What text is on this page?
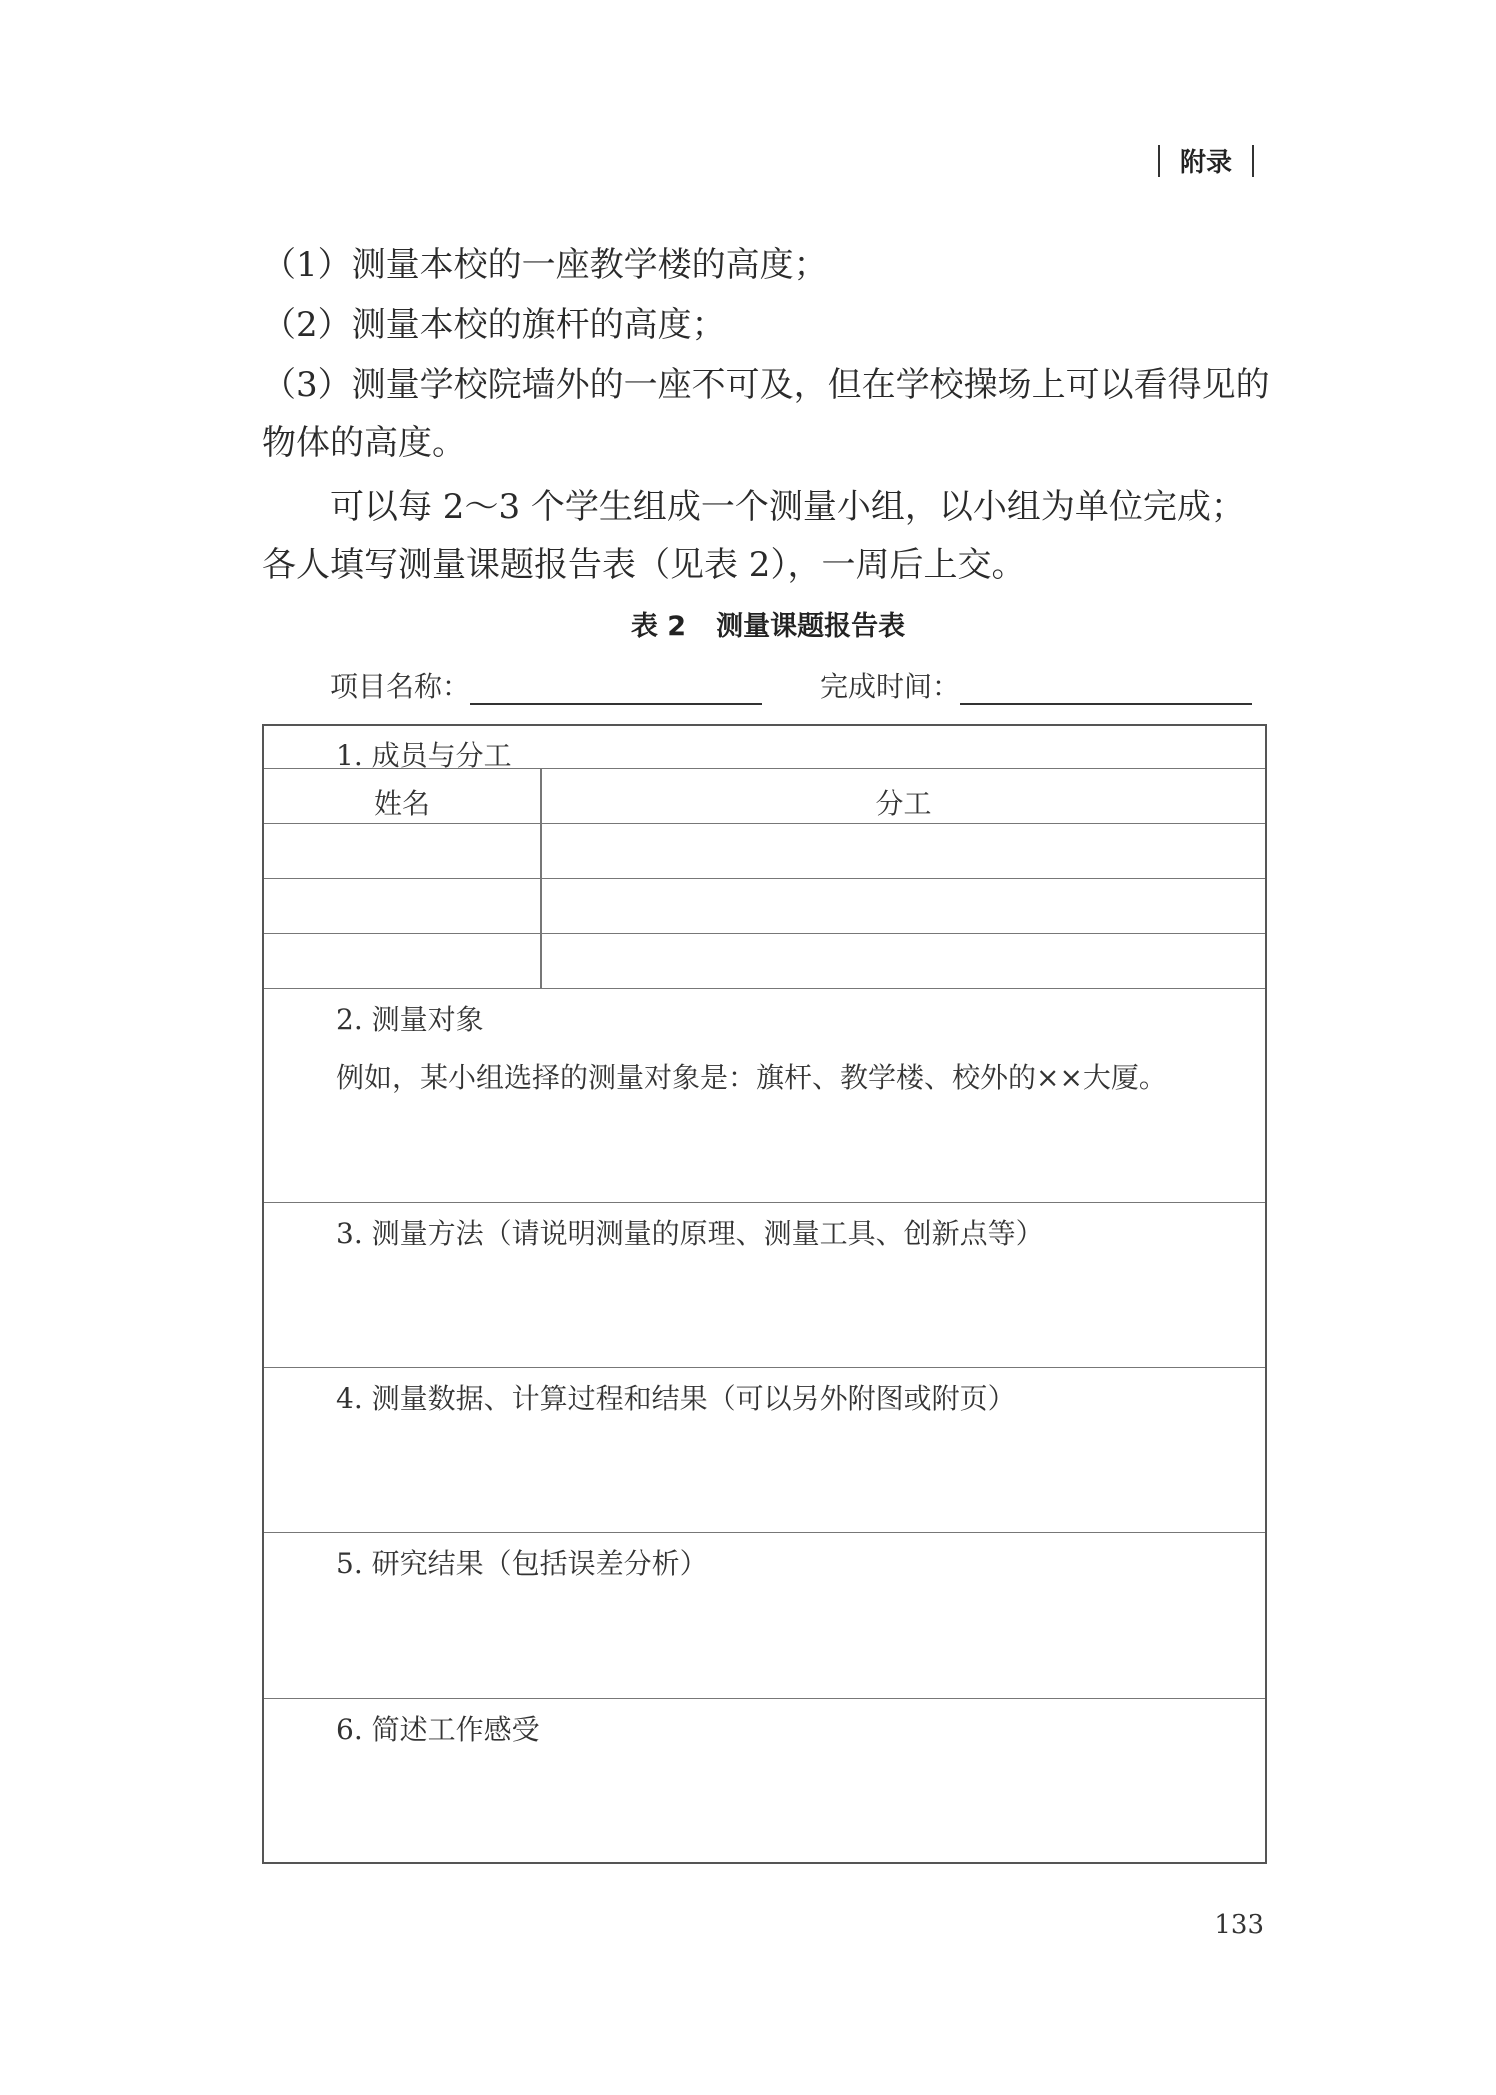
附录
（1）测量本校的一座教学楼的高度；
（2）测量本校的旗杆的高度；
（3）测量学校院墙外的一座不可及，但在学校操场上可以看得见的物体的高度。
可以每 2～3 个学生组成一个测量小组，以小组为单位完成；各人填写测量课题报告表（见表 2），一周后上交。
表 2 测量课题报告表
项目名称：	完成时间：
1. 成员与分工
姓名	分工
2. 测量对象
例如，某小组选择的测量对象是：旗杆、教学楼、校外的××大厦。
3. 测量方法（请说明测量的原理、测量工具、创新点等）
4. 测量数据、计算过程和结果（可以另外附图或附页）
5. 研究结果（包括误差分析）
6. 简述工作感受
133
